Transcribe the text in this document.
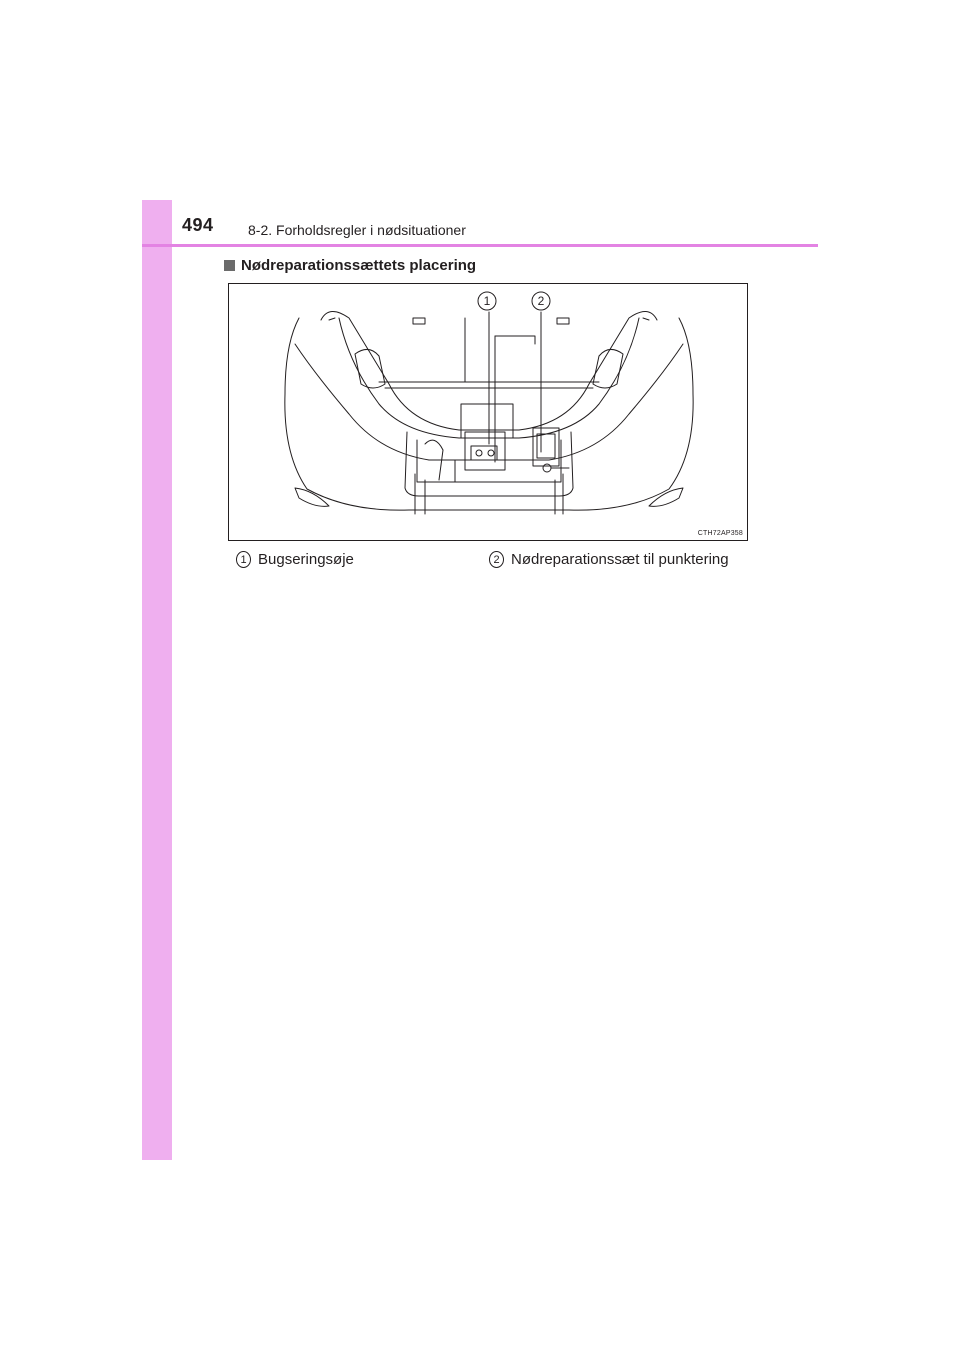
494 8-2. Forholdsregler i nødsituationer
Nødreparationssættets placering
1	2
CTH72AP358
1 Bugseringsøje	2 Nødreparationssæt til punktering
